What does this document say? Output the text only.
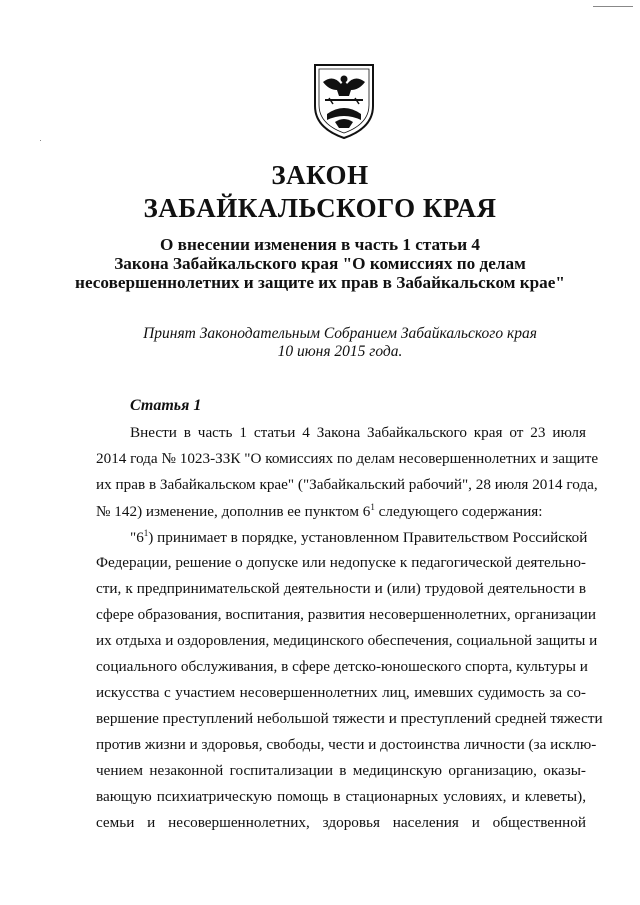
ЗАКОН
ЗАБАЙКАЛЬСКОГО КРАЯ
О внесении изменения в часть 1 статьи 4
Закона Забайкальского края "О комиссиях по делам
несовершеннолетних и защите их прав в Забайкальском крае"
Принят Законодательным Собранием Забайкальского края
10 июня 2015 года.
Статья 1
Внести в часть 1 статьи 4 Закона Забайкальского края от 23 июля
2014 года № 1023-ЗЗК "О комиссиях по делам несовершеннолетних и защите
их прав в Забайкальском крае" ("Забайкальский рабочий", 28 июля 2014 года,
№ 142) изменение, дополнив ее пунктом $6^1$ следующего содержания:
"$6^1$) принимает в порядке, установленном Правительством Российской
Федерации, решение о допуске или недопуске к педагогической деятельно-
сти, к предпринимательской деятельности и (или) трудовой деятельности в
сфере образования, воспитания, развития несовершеннолетних, организации
их отдыха и оздоровления, медицинского обеспечения, социальной защиты и
социального обслуживания, в сфере детско-юношеского спорта, культуры и
искусства с участием несовершеннолетних лиц, имевших судимость за со-
вершение преступлений небольшой тяжести и преступлений средней тяжести
против жизни и здоровья, свободы, чести и достоинства личности (за исклю-
чением незаконной госпитализации в медицинскую организацию, оказы-
вающую психиатрическую помощь в стационарных условиях, и клеветы),
семьи и несовершеннолетних, здоровья населения и общественной
